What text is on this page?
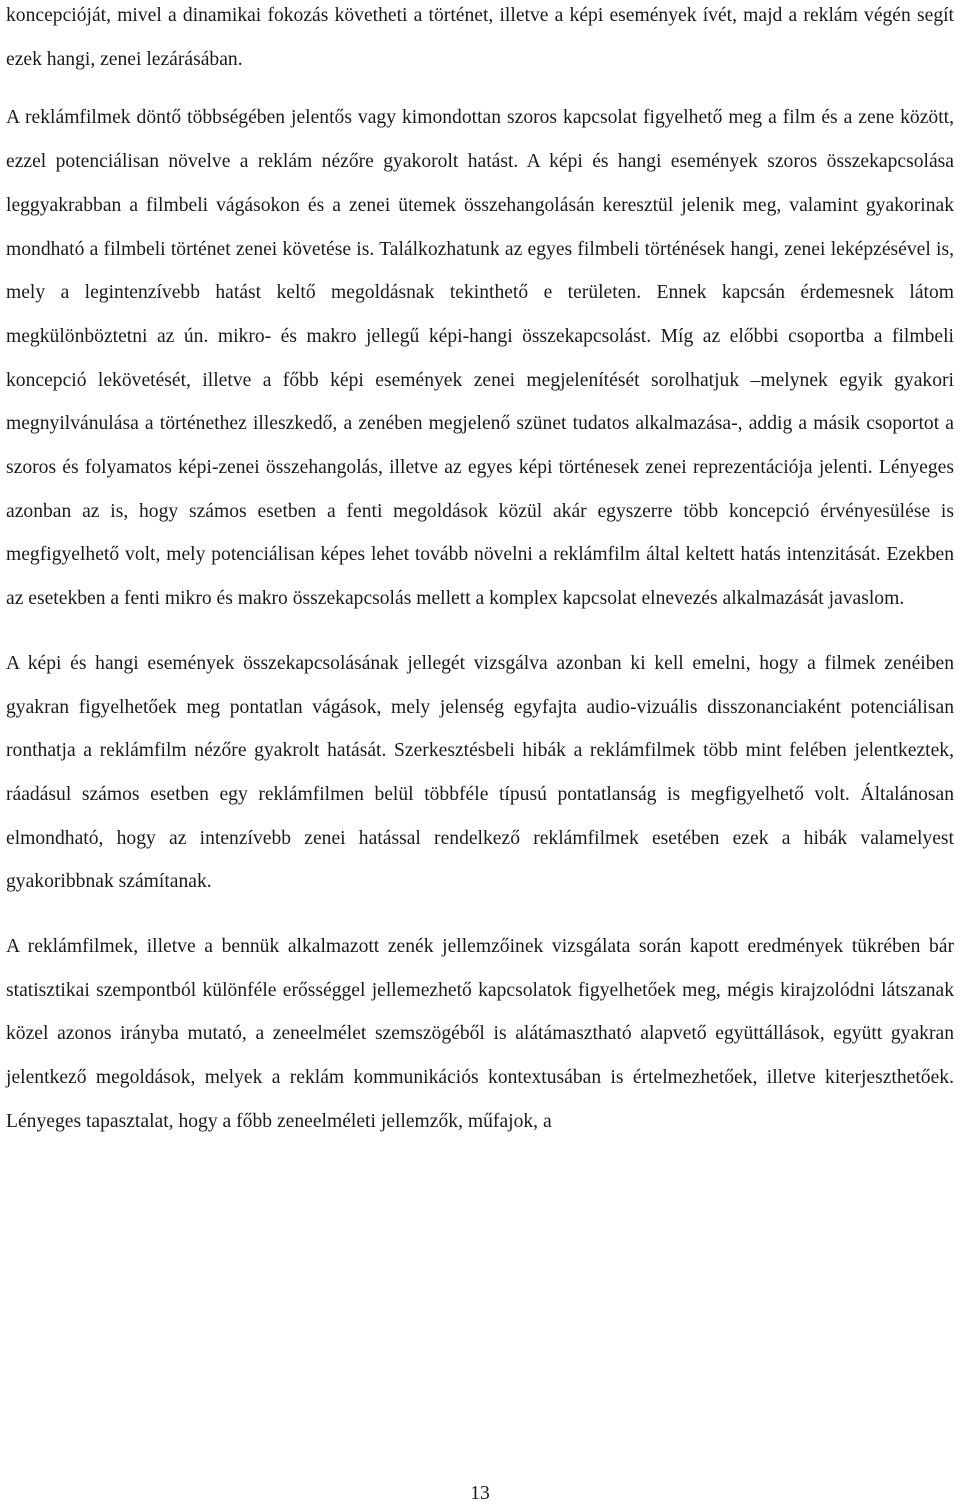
koncepcióját, mivel a dinamikai fokozás követheti a történet, illetve a képi események ívét, majd a reklám végén segít ezek hangi, zenei lezárásában.

A reklámfilmek döntő többségében jelentős vagy kimondottan szoros kapcsolat figyelhető meg a film és a zene között, ezzel potenciálisan növelve a reklám nézőre gyakorolt hatást. A képi és hangi események szoros összekapcsolása leggyakrabban a filmbeli vágásokon és a zenei ütemek összehangolásán keresztül jelenik meg, valamint gyakorinak mondható a filmbeli történet zenei követése is. Találkozhatunk az egyes filmbeli történések hangi, zenei leképzésével is, mely a legintenzívebb hatást keltő megoldásnak tekinthető e területen. Ennek kapcsán érdemesnek látom megkülönböztetni az ún. mikro- és makro jellegű képi-hangi összekapcsolást. Míg az előbbi csoportba a filmbeli koncepció lekövetését, illetve a főbb képi események zenei megjelenítését sorolhatjuk –melynek egyik gyakori megnyilvánulása a történethez illeszkedő, a zenében megjelenő szünet tudatos alkalmazása-, addig a másik csoportot a szoros és folyamatos képi-zenei összehangolás, illetve az egyes képi történesek zenei reprezentációja jelenti. Lényeges azonban az is, hogy számos esetben a fenti megoldások közül akár egyszerre több koncepció érvényesülése is megfigyelhető volt, mely potenciálisan képes lehet tovább növelni a reklámfilm által keltett hatás intenzitását. Ezekben az esetekben a fenti mikro és makro összekapcsolás mellett a komplex kapcsolat elnevezés alkalmazását javaslom.

A képi és hangi események összekapcsolásának jellegét vizsgálva azonban ki kell emelni, hogy a filmek zenéiben gyakran figyelhetőek meg pontatlan vágások, mely jelenség egyfajta audio-vizuális disszonanciaként potenciálisan ronthatja a reklámfilm nézőre gyakrolt hatását. Szerkesztésbeli hibák a reklámfilmek több mint felében jelentkeztek, ráadásul számos esetben egy reklámfilmen belül többféle típusú pontatlanság is megfigyelhető volt. Általánosan elmondható, hogy az intenzívebb zenei hatással rendelkező reklámfilmek esetében ezek a hibák valamelyest gyakoribbnak számítanak.

A reklámfilmek, illetve a bennük alkalmazott zenék jellemzőinek vizsgálata során kapott eredmények tükrében bár statisztikai szempontból különféle erősséggel jellemezhető kapcsolatok figyelhetőek meg, mégis kirajzolódni látszanak közel azonos irányba mutató, a zeneelmélet szemszögéből is alátámasztható alapvető együttállások, együtt gyakran jelentkező megoldások, melyek a reklám kommunikációs kontextusában is értelmezhetőek, illetve kiterjeszthetőek. Lényeges tapasztalat, hogy a főbb zeneelméleti jellemzők, műfajok, a

13
